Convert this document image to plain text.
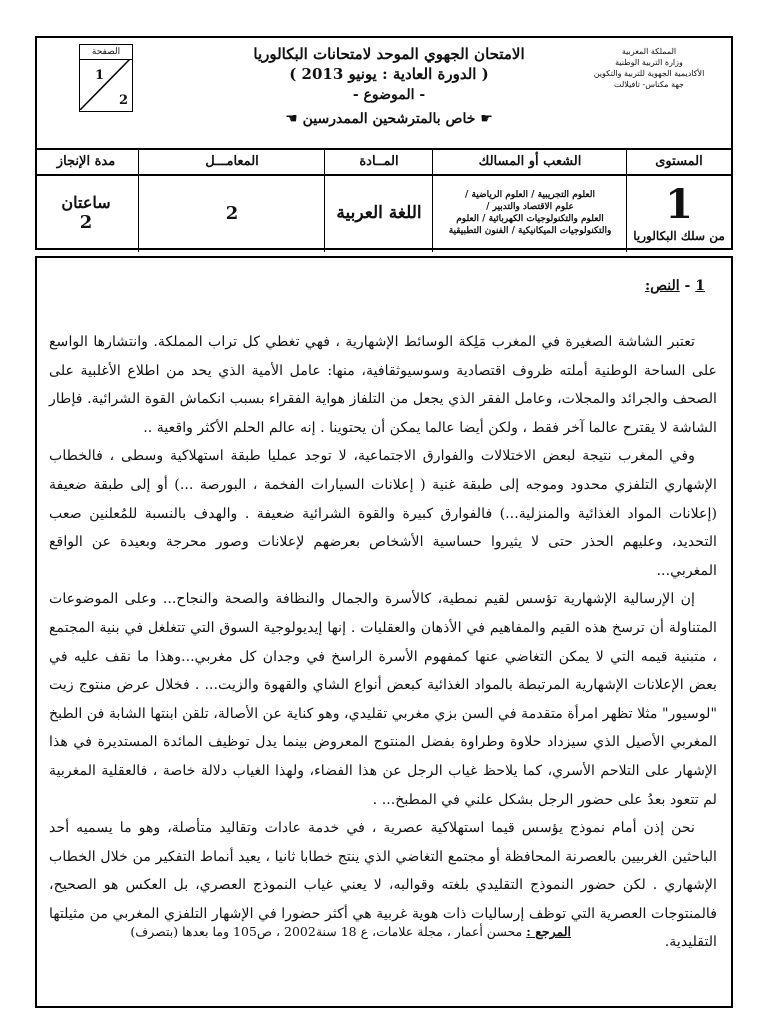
المملكة المغربية
وزارة التربية الوطنية
الأكاديمية الجهوية للتربية والتكوين
جهة مكناس- تافيلالت
الصفحة
1
2
الامتحان الجهوي الموحد لامتحانات البكالوريا
( الدورة العادية : يونيو 2013 )
- الموضوع -
☛ خاص بالمترشحين الممدرسين ☚
المستوى
الشعب أو المسالك
المــادة
المعامـــل
مدة الإنجاز
1
من سلك البكالوريا
العلوم التجريبية / العلوم الرياضية /
علوم الاقتصاد والتدبير /
العلوم والتكنولوجيات الكهربائية / العلوم
والتكنولوجيات الميكانيكية / الفنون التطبيقية
اللغة العربية
2
ساعتان
2
1 - النص:

تعتبر الشاشة الصغيرة في المغرب مَلِكة الوسائط الإشهارية ، فهي تغطي كل تراب المملكة. وانتشارها الواسع على الساحة الوطنية أملته ظروف اقتصادية وسوسيوثقافية، منها: عامل الأمية الذي يحد من اطلاع الأغلبية على الصحف والجرائد والمجلات، وعامل الفقر الذي يجعل من التلفاز هواية الفقراء بسبب انكماش القوة الشرائية. فإطار الشاشة لا يقترح عالما آخر فقط ، ولكن أيضا عالما يمكن أن يحتوينا . إنه عالم الحلم الأكثر واقعية ..

وفي المغرب نتيجة لبعض الاختلالات والفوارق الاجتماعية، لا توجد عمليا طبقة استهلاكية وسطى ، فالخطاب الإشهاري التلفزي محدود وموجه إلى طبقة غنية ( إعلانات السيارات الفخمة ، البورصة ...) أو إلى طبقة ضعيفة (إعلانات المواد الغذائية والمنزلية...) فالفوارق كبيرة والقوة الشرائية ضعيفة . والهدف بالنسبة للمُعلنين صعب التحديد، وعليهم الحذر حتى لا يثيروا حساسية الأشخاص بعرضهم لإعلانات وصور محرجة وبعيدة عن الواقع المغربي...

إن الإرسالية الإشهارية تؤسس لقيم نمطية، كالأسرة والجمال والنظافة والصحة والنجاح... وعلى الموضوعات المتناولة أن ترسخ هذه القيم والمفاهيم في الأذهان والعقليات . إنها إيديولوجية السوق التي تتغلغل في بنية المجتمع ، متبنية قيمه التي لا يمكن التغاضي عنها كمفهوم الأسرة الراسخ في وجدان كل مغربي...وهذا ما نقف عليه في بعض الإعلانات الإشهارية المرتبطة بالمواد الغذائية كبعض أنواع الشاي والقهوة والزيت... . فخلال عرض منتوج زيت "لوسيور" مثلا تظهر امرأة متقدمة في السن بزي مغربي تقليدي، وهو كناية عن الأصالة، تلقن ابنتها الشابة فن الطبخ المغربي الأصيل الذي سيزداد حلاوة وطراوة بفضل المنتوج المعروض بينما يدل توظيف المائدة المستديرة في هذا الإشهار على التلاحم الأسري، كما يلاحظ غياب الرجل عن هذا الفضاء، ولهذا الغياب دلالة خاصة ، فالعقلية المغربية لم تتعود بعدُ على حضور الرجل بشكل علني في المطبخ... .

نحن إذن أمام نموذج يؤسس قيما استهلاكية عصرية ، في خدمة عادات وتقاليد متأصلة، وهو ما يسميه أحد الباحثين الغربيين بالعصرنة المحافظة أو مجتمع التغاضي الذي ينتج خطابا ثانيا ، يعيد أنماط التفكير من خلال الخطاب الإشهاري . لكن حضور النموذج التقليدي بلغته وقوالبه، لا يعني غياب النموذج العصري، بل العكس هو الصحيح، فالمنتوجات العصرية التي توظف إرساليات ذات هوية غربية هي أكثر حضورا في الإشهار التلفزي المغربي من مثيلتها التقليدية.

المرجع : محسن أعمار ، مجلة علامات، ع 18 سنة2002 ، ص105 وما بعدها (بتصرف)
